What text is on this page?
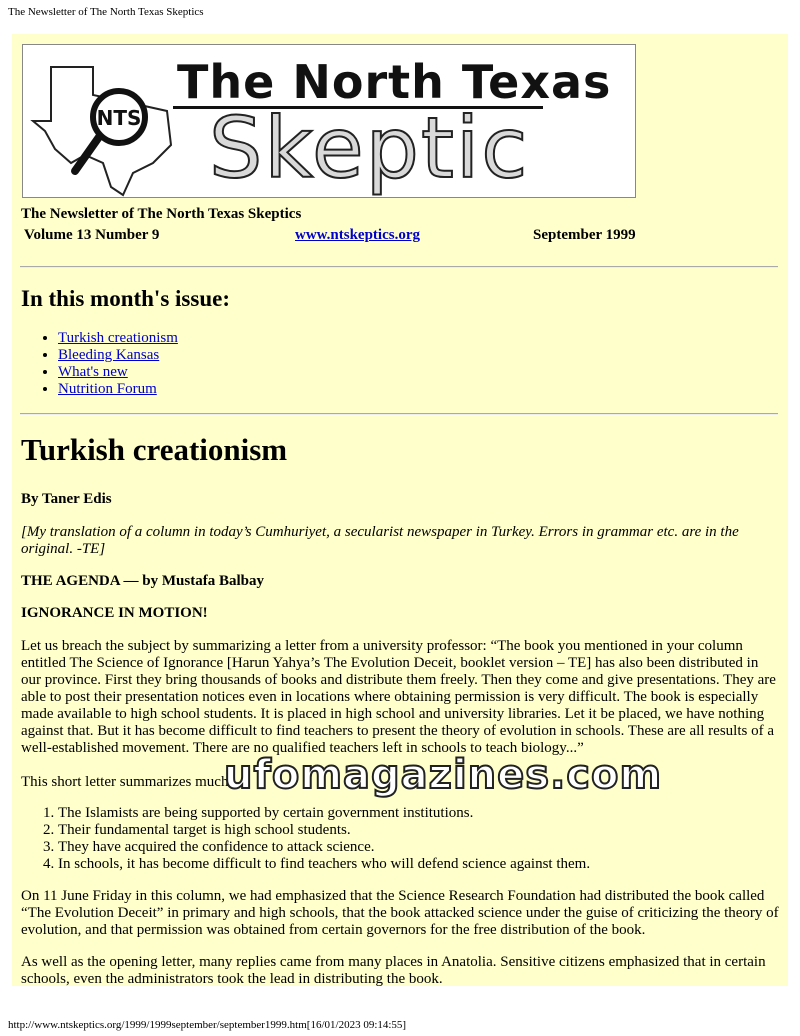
The Newsletter of The North Texas Skeptics
NTS
The North Texas
Skeptic
The Newsletter of The North Texas Skeptics
Volume 13 Number 9	www.ntskeptics.org	September 1999
In this month's issue:
• Turkish creationism
• Bleeding Kansas
• What's new
• Nutrition Forum
Turkish creationism

By Taner Edis

[My translation of a column in today’s Cumhuriyet, a secularist newspaper in Turkey. Errors in grammar etc. are in the original. -TE]

THE AGENDA — by Mustafa Balbay

IGNORANCE IN MOTION!

Let us breach the subject by summarizing a letter from a university professor: “The book you mentioned in your column entitled The Science of Ignorance [Harun Yahya’s The Evolution Deceit, booklet version – TE] has also been distributed in our province. First they bring thousands of books and distribute them freely. Then they come and give presentations. They are able to post their presentation notices even in locations where obtaining permission is very difficult. The book is especially made available to high school students. It is placed in high school and university libraries. Let it be placed, we have nothing against that. But it has become difficult to find teachers to present the theory of evolution in schools. These are all results of a well-established movement. There are no qualified teachers left in schools to teach biology...”

This short letter summarizes much

1. The Islamists are being supported by certain government institutions.
2. Their fundamental target is high school students.
3. They have acquired the confidence to attack science.
4. In schools, it has become difficult to find teachers who will defend science against them.

On 11 June Friday in this column, we had emphasized that the Science Research Foundation had distributed the book called “The Evolution Deceit” in primary and high schools, that the book attacked science under the guise of criticizing the theory of evolution, and that permission was obtained from certain governors for the free distribution of the book.

As well as the opening letter, many replies came from many places in Anatolia. Sensitive citizens emphasized that in certain schools, even the administrators took the lead in distributing the book.

ufomagazines.com
http://www.ntskeptics.org/1999/1999september/september1999.htm[16/01/2023 09:14:55]
